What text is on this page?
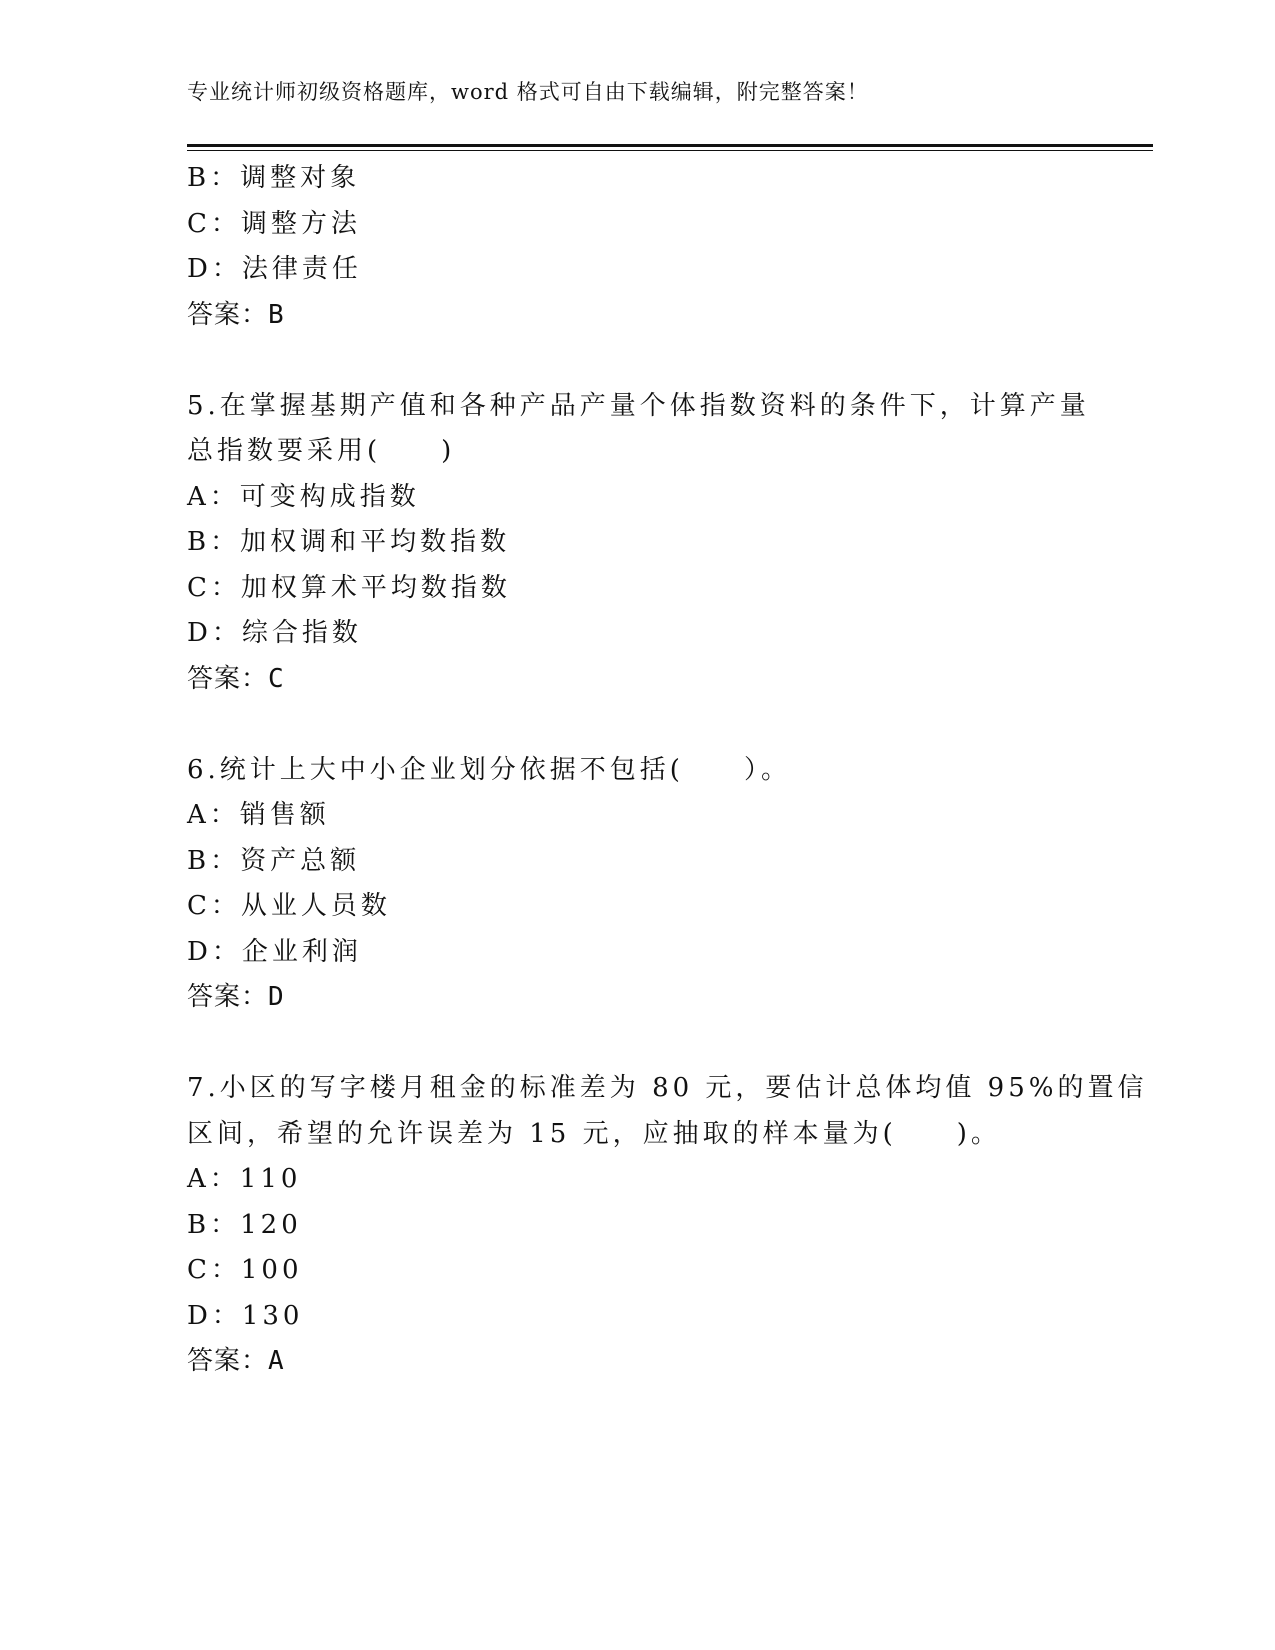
专业统计师初级资格题库，word 格式可自由下载编辑，附完整答案！
B：调整对象
C：调整方法
D：法律责任
答案：B
5.在掌握基期产值和各种产品产量个体指数资料的条件下，计算产量
总指数要采用(　　)
A：可变构成指数
B：加权调和平均数指数
C：加权算术平均数指数
D：综合指数
答案：C
6.统计上大中小企业划分依据不包括(　　）。
A：销售额
B：资产总额
C：从业人员数
D：企业利润
答案：D
7.小区的写字楼月租金的标准差为 80 元，要估计总体均值 95%的置信
区间，希望的允许误差为 15 元，应抽取的样本量为(　　)。
A：110
B：120
C：100
D：130
答案：A
